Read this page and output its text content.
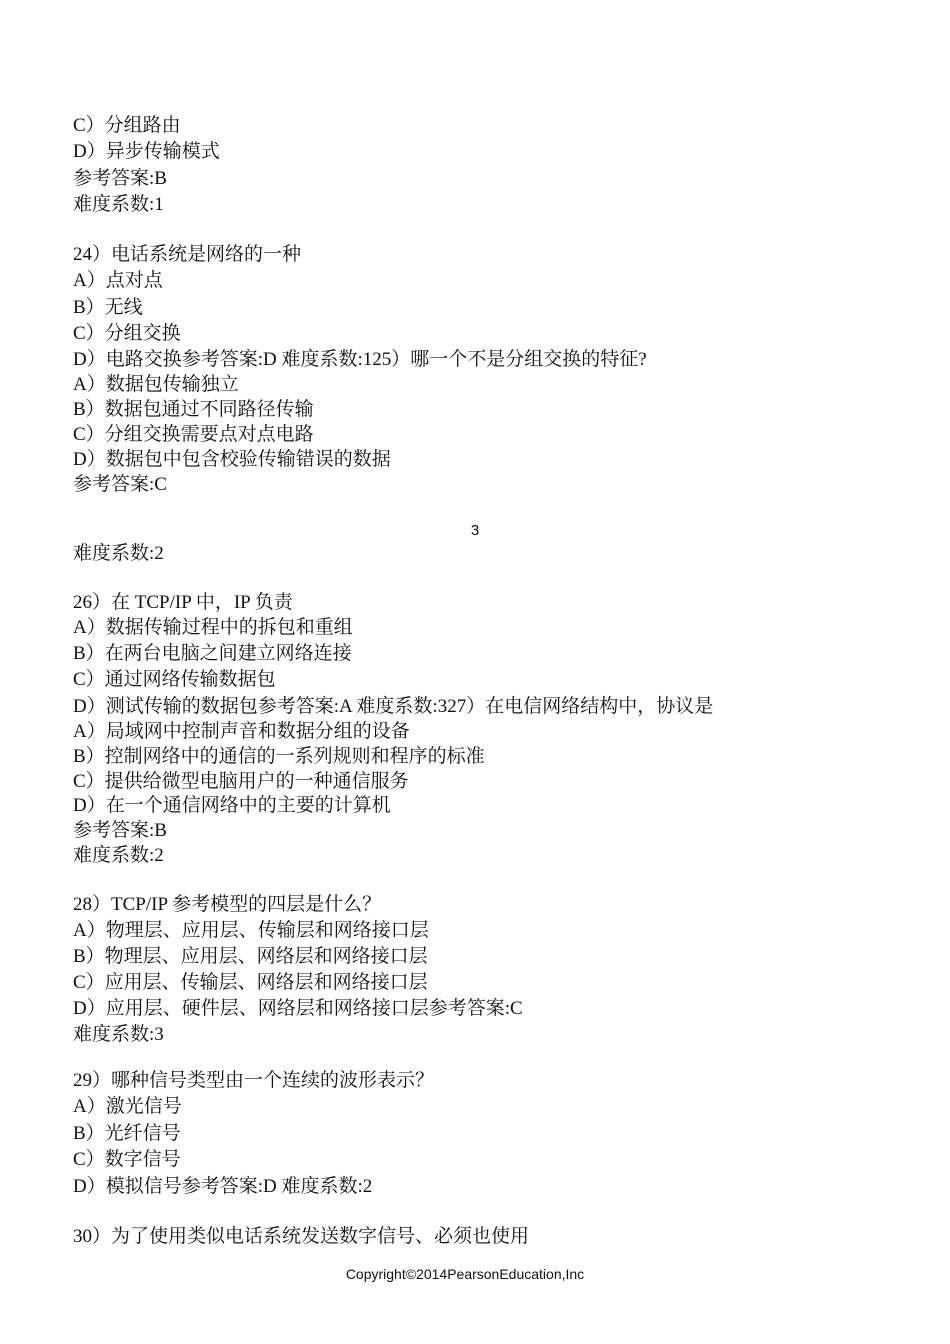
C）分组路由
D）异步传输模式
参考答案:B
难度系数:1
24）电话系统是网络的一种
A）点对点
B）无线
C）分组交换
D）电路交换参考答案:D 难度系数:125）哪一个不是分组交换的特征?
A）数据包传输独立
B）数据包通过不同路径传输
C）分组交换需要点对点电路
D）数据包中包含校验传输错误的数据
参考答案:C
3
难度系数:2
26）在 TCP/IP 中，IP 负责
A）数据传输过程中的拆包和重组
B）在两台电脑之间建立网络连接
C）通过网络传输数据包
D）测试传输的数据包参考答案:A 难度系数:327）在电信网络结构中，协议是
A）局域网中控制声音和数据分组的设备
B）控制网络中的通信的一系列规则和程序的标准
C）提供给微型电脑用户的一种通信服务
D）在一个通信网络中的主要的计算机
参考答案:B
难度系数:2
28）TCP/IP 参考模型的四层是什么？
A）物理层、应用层、传输层和网络接口层
B）物理层、应用层、网络层和网络接口层
C）应用层、传输层、网络层和网络接口层
D）应用层、硬件层、网络层和网络接口层参考答案:C
难度系数:3
29）哪种信号类型由一个连续的波形表示？
A）激光信号
B）光纤信号
C）数字信号
D）模拟信号参考答案:D 难度系数:2
30）为了使用类似电话系统发送数字信号、必须也使用
Copyright©2014PearsonEducation,Inc
